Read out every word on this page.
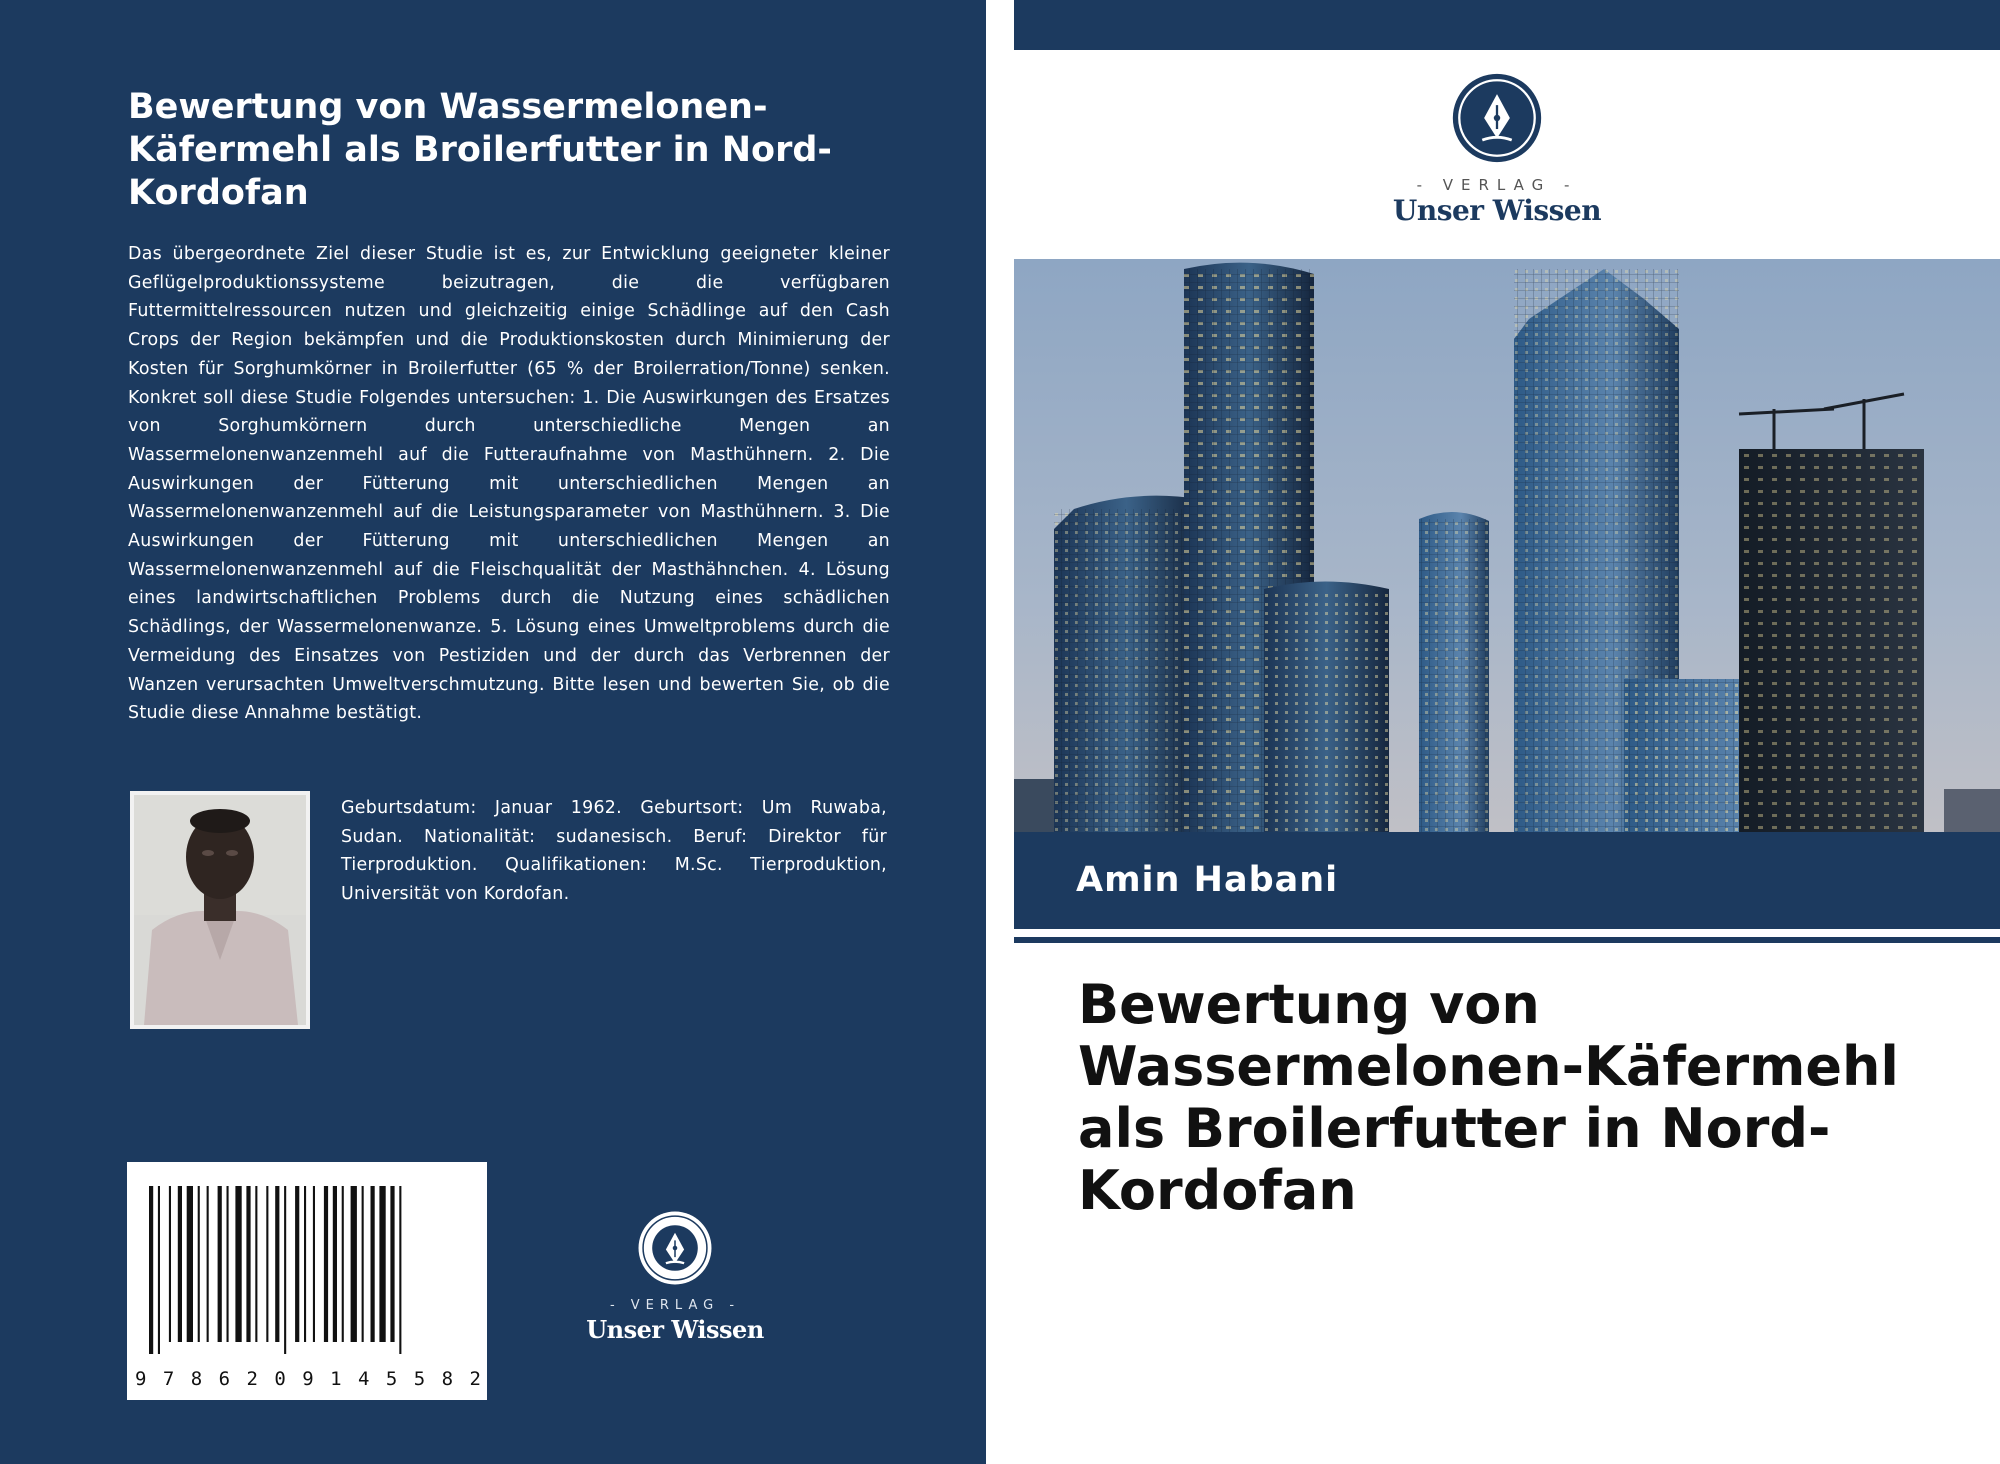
Bewertung von Wassermelonen-Käfermehl als Broilerfutter in Nord-Kordofan

Das übergeordnete Ziel dieser Studie ist es, zur Entwicklung geeigneter kleiner Geflügelproduktionssysteme beizutragen, die die verfügbaren Futtermittelressourcen nutzen und gleichzeitig einige Schädlinge auf den Cash Crops der Region bekämpfen und die Produktionskosten durch Minimierung der Kosten für Sorghumkörner in Broilerfutter (65 % der Broilerration/Tonne) senken. Konkret soll diese Studie Folgendes untersuchen: 1. Die Auswirkungen des Ersatzes von Sorghumkörnern durch unterschiedliche Mengen an Wassermelonenwanzenmehl auf die Futteraufnahme von Masthühnern. 2. Die Auswirkungen der Fütterung mit unterschiedlichen Mengen an Wassermelonenwanzenmehl auf die Leistungsparameter von Masthühnern. 3. Die Auswirkungen der Fütterung mit unterschiedlichen Mengen an Wassermelonenwanzenmehl auf die Fleischqualität der Masthähnchen. 4. Lösung eines landwirtschaftlichen Problems durch die Nutzung eines schädlichen Schädlings, der Wassermelonenwanze. 5. Lösung eines Umweltproblems durch die Vermeidung des Einsatzes von Pestiziden und der durch das Verbrennen der Wanzen verursachten Umweltverschmutzung. Bitte lesen und bewerten Sie, ob die Studie diese Annahme bestätigt.

Geburtsdatum: Januar 1962. Geburtsort: Um Ruwaba, Sudan. Nationalität: sudanesisch. Beruf: Direktor für Tierproduktion. Qualifikationen: M.Sc. Tierproduktion, Universität von Kordofan.

9 7 8 6 2 0 9 1 4 5 5 8 2
- VERLAG -
Unser Wissen
- VERLAG -
Unser Wissen
Amin Habani
Bewertung von Wassermelonen-Käfermehl als Broilerfutter in Nord-Kordofan
